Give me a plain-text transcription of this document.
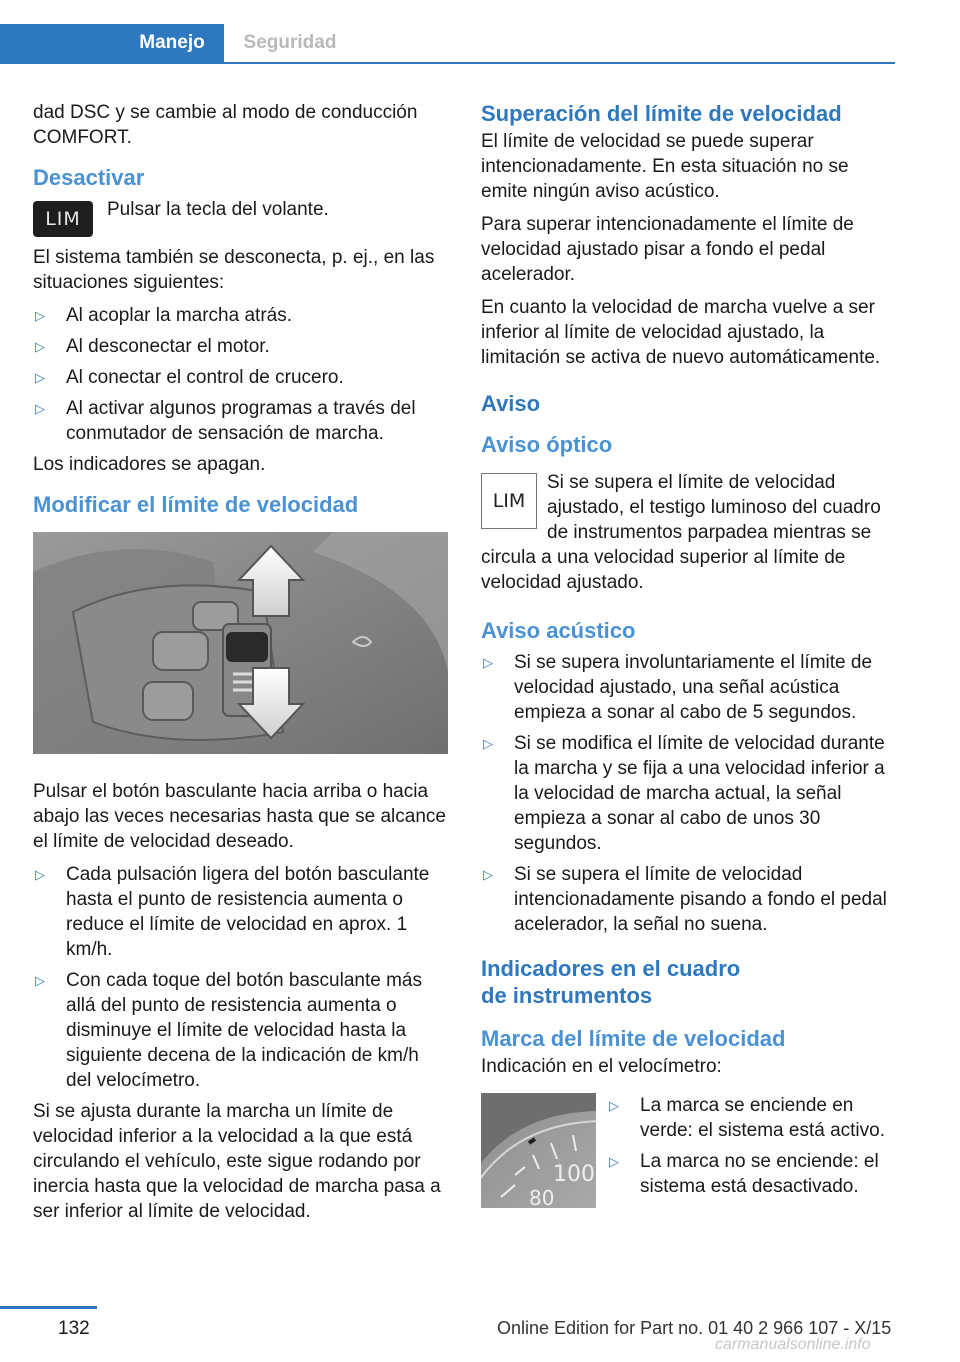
Manejo	Seguridad

dad DSC y se cambie al modo de conducción COMFORT.

Desactivar
LIM	Pulsar la tecla del volante.

El sistema también se desconecta, p. ej., en las situaciones siguientes:

▷ Al acoplar la marcha atrás.
▷ Al desconectar el motor.
▷ Al conectar el control de crucero.
▷ Al activar algunos programas a través del conmutador de sensación de marcha.

Los indicadores se apagan.

Modificar el límite de velocidad

Pulsar el botón basculante hacia arriba o hacia abajo las veces necesarias hasta que se alcance el límite de velocidad deseado.

▷ Cada pulsación ligera del botón basculante hasta el punto de resistencia aumenta o reduce el límite de velocidad en aprox. 1 km/h.
▷ Con cada toque del botón basculante más allá del punto de resistencia aumenta o disminuye el límite de velocidad hasta la siguiente decena de la indicación de km/h del velocímetro.

Si se ajusta durante la marcha un límite de velocidad inferior a la velocidad a la que está circulando el vehículo, este sigue rodando por inercia hasta que la velocidad de marcha pasa a ser inferior al límite de velocidad.

Superación del límite de velocidad

El límite de velocidad se puede superar intencionadamente. En esta situación no se emite ningún aviso acústico.

Para superar intencionadamente el límite de velocidad ajustado pisar a fondo el pedal acelerador.

En cuanto la velocidad de marcha vuelve a ser inferior al límite de velocidad ajustado, la limitación se activa de nuevo automáticamente.

Aviso
Aviso óptico

LIM
Si se supera el límite de velocidad ajustado, el testigo luminoso del cuadro de instrumentos parpadea mientras se circula a una velocidad superior al límite de velocidad ajustado.

Aviso acústico
▷ Si se supera involuntariamente el límite de velocidad ajustado, una señal acústica empieza a sonar al cabo de 5 segundos.
▷ Si se modifica el límite de velocidad durante la marcha y se fija a una velocidad inferior a la velocidad de marcha actual, la señal empieza a sonar al cabo de unos 30 segundos.
▷ Si se supera el límite de velocidad intencionadamente pisando a fondo el pedal acelerador, la señal no suena.
Indicadores en el cuadro de instrumentos
Marca del límite de velocidad

Indicación en el velocímetro:

100
80
▷ La marca se enciende en verde: el sistema está activo.
▷ La marca no se enciende: el sistema está desactivado.
132	Online Edition for Part no. 01 40 2 966 107 - X/15
carmanualsonline.info
